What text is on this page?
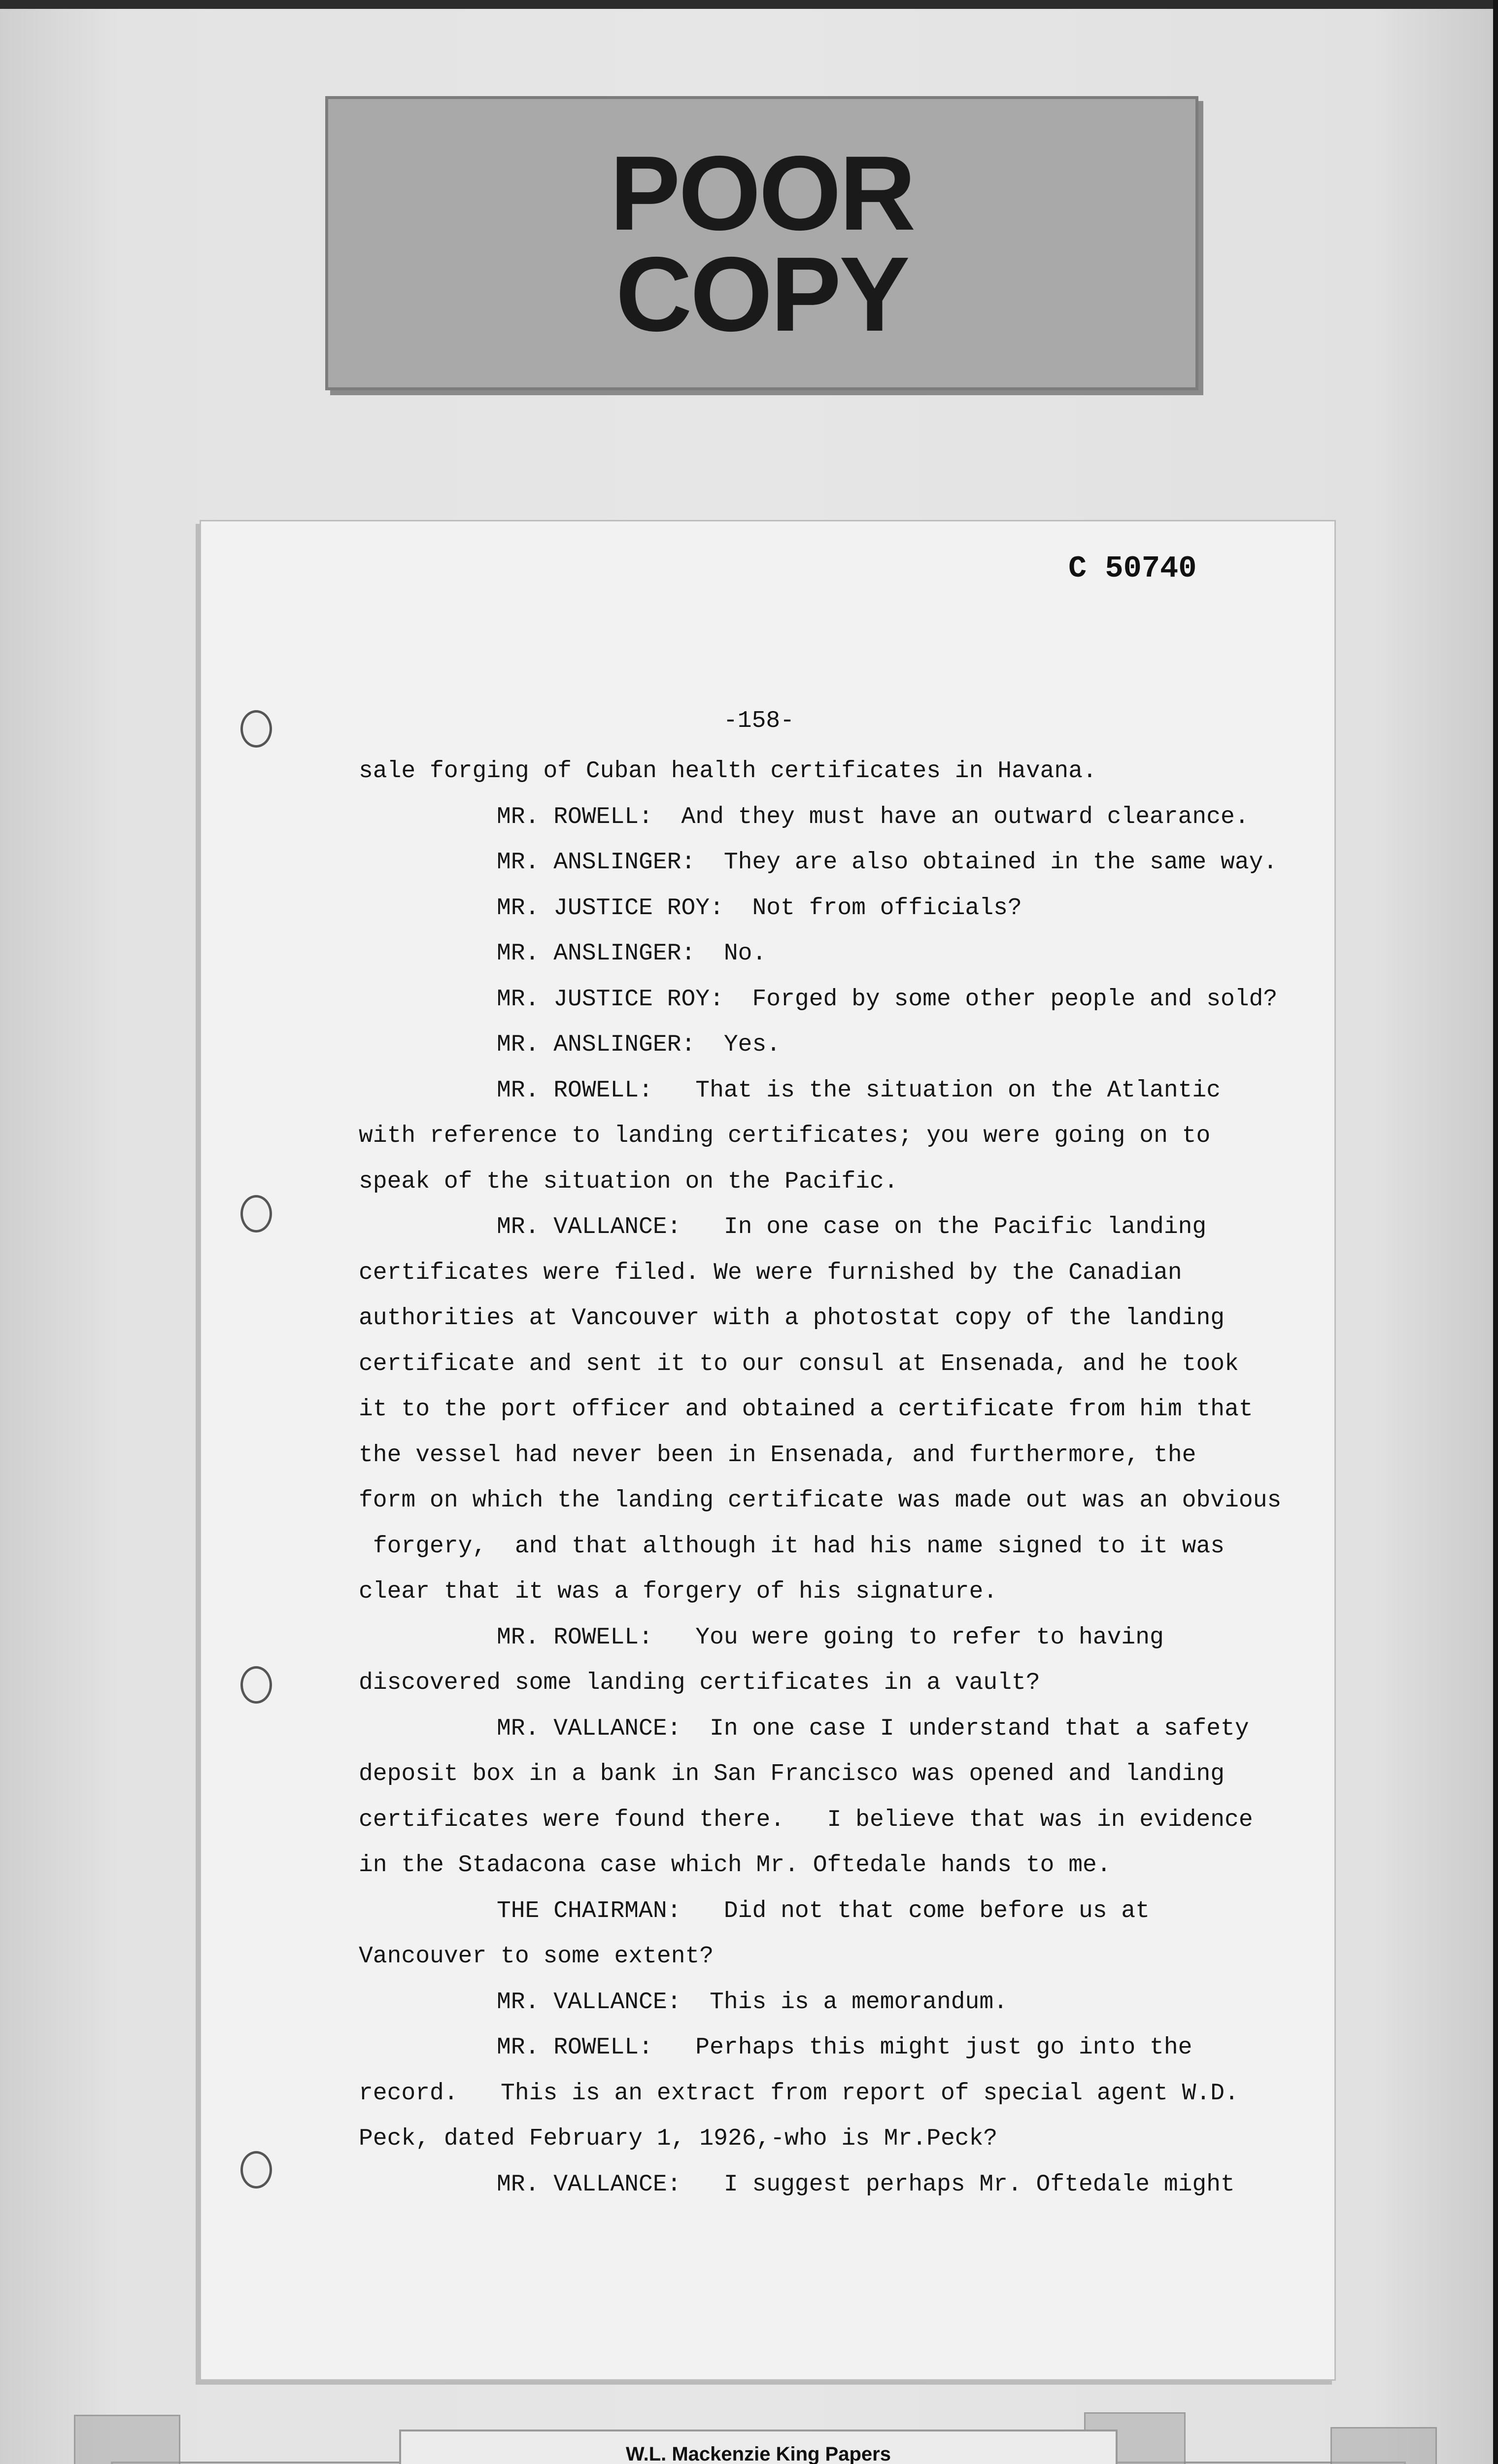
POOR
COPY
C 50740
-158-
sale forging of Cuban health certificates in Havana.
MR. ROWELL:  And they must have an outward clearance.
MR. ANSLINGER:  They are also obtained in the same way.
MR. JUSTICE ROY:  Not from officials?
MR. ANSLINGER:  No.
MR. JUSTICE ROY:  Forged by some other people and sold?
MR. ANSLINGER:  Yes.
MR. ROWELL:   That is the situation on the Atlantic
with reference to landing certificates; you were going on to
speak of the situation on the Pacific.
MR. VALLANCE:   In one case on the Pacific landing
certificates were filed. We were furnished by the Canadian
authorities at Vancouver with a photostat copy of the landing
certificate and sent it to our consul at Ensenada, and he took
it to the port officer and obtained a certificate from him that
the vessel had never been in Ensenada, and furthermore, the
form on which the landing certificate was made out was an obvious
forgery,  and that although it had his name signed to it was
clear that it was a forgery of his signature.
MR. ROWELL:   You were going to refer to having
discovered some landing certificates in a vault?
MR. VALLANCE:  In one case I understand that a safety
deposit box in a bank in San Francisco was opened and landing
certificates were found there.   I believe that was in evidence
in the Stadacona case which Mr. Oftedale hands to me.
THE CHAIRMAN:   Did not that come before us at
Vancouver to some extent?
MR. VALLANCE:  This is a memorandum.
MR. ROWELL:   Perhaps this might just go into the
record.   This is an extract from report of special agent W.D.
Peck, dated February 1, 1926,-who is Mr.Peck?
MR. VALLANCE:   I suggest perhaps Mr. Oftedale might
W.L. Mackenzie King Papers
